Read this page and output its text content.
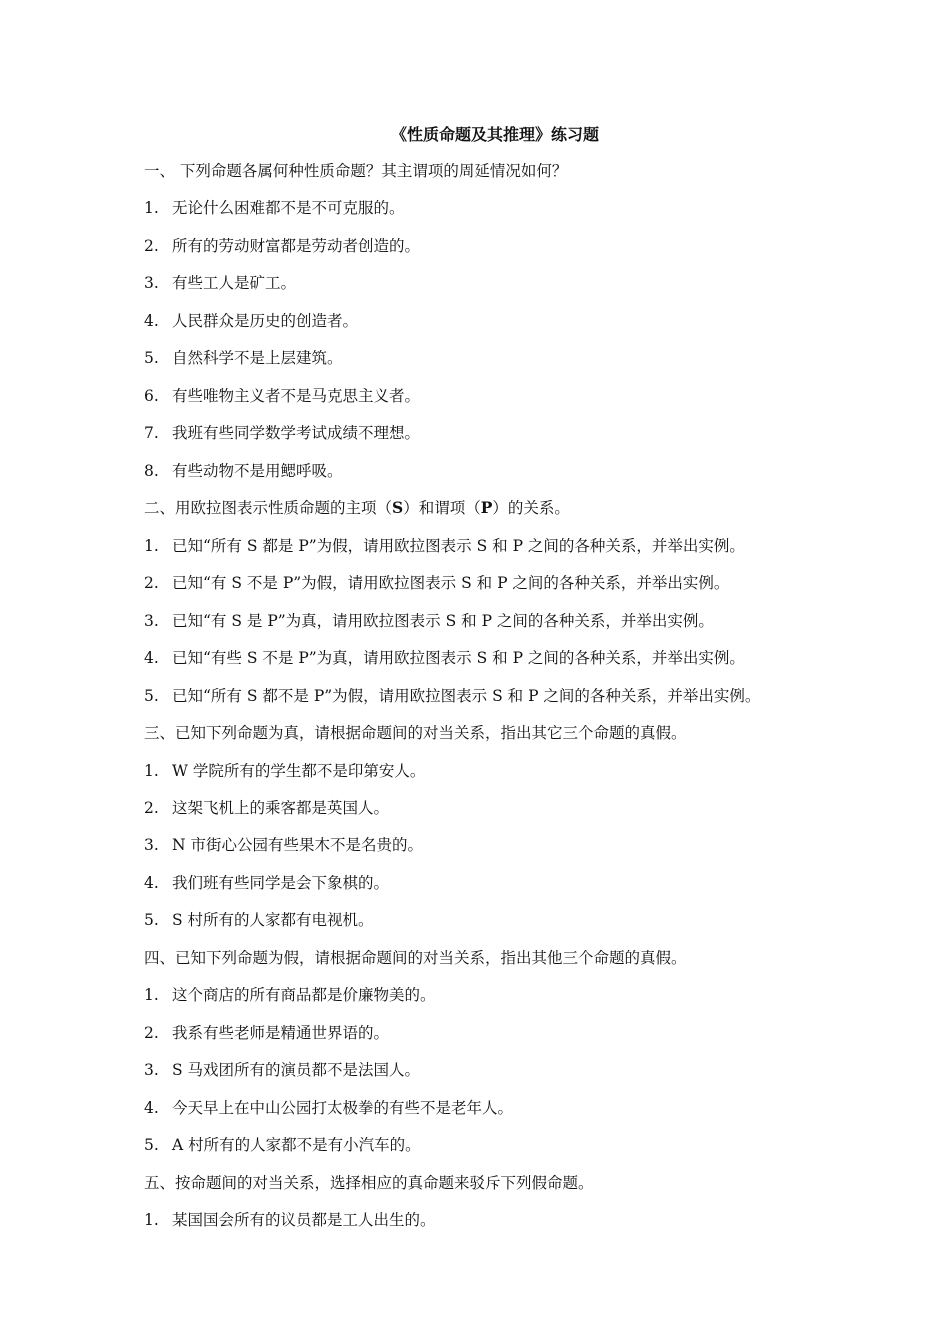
《性质命题及其推理》练习题
一、 下列命题各属何种性质命题？其主谓项的周延情况如何？
1. 无论什么困难都不是不可克服的。
2. 所有的劳动财富都是劳动者创造的。
3. 有些工人是矿工。
4. 人民群众是历史的创造者。
5. 自然科学不是上层建筑。
6. 有些唯物主义者不是马克思主义者。
7. 我班有些同学数学考试成绩不理想。
8. 有些动物不是用鳃呼吸。
二、用欧拉图表示性质命题的主项（S）和谓项（P）的关系。
1. 已知“所有 S 都是 P”为假，请用欧拉图表示 S 和 P 之间的各种关系，并举出实例。
2. 已知“有 S 不是 P”为假，请用欧拉图表示 S 和 P 之间的各种关系，并举出实例。
3. 已知“有 S 是 P”为真，请用欧拉图表示 S 和 P 之间的各种关系，并举出实例。
4. 已知“有些 S 不是 P”为真，请用欧拉图表示 S 和 P 之间的各种关系，并举出实例。
5. 已知“所有 S 都不是 P”为假，请用欧拉图表示 S 和 P 之间的各种关系，并举出实例。
三、已知下列命题为真，请根据命题间的对当关系，指出其它三个命题的真假。
1. W 学院所有的学生都不是印第安人。
2. 这架飞机上的乘客都是英国人。
3. N 市街心公园有些果木不是名贵的。
4. 我们班有些同学是会下象棋的。
5. S 村所有的人家都有电视机。
四、已知下列命题为假，请根据命题间的对当关系，指出其他三个命题的真假。
1. 这个商店的所有商品都是价廉物美的。
2. 我系有些老师是精通世界语的。
3. S 马戏团所有的演员都不是法国人。
4. 今天早上在中山公园打太极拳的有些不是老年人。
5. A 村所有的人家都不是有小汽车的。
五、按命题间的对当关系，选择相应的真命题来驳斥下列假命题。
1. 某国国会所有的议员都是工人出生的。
